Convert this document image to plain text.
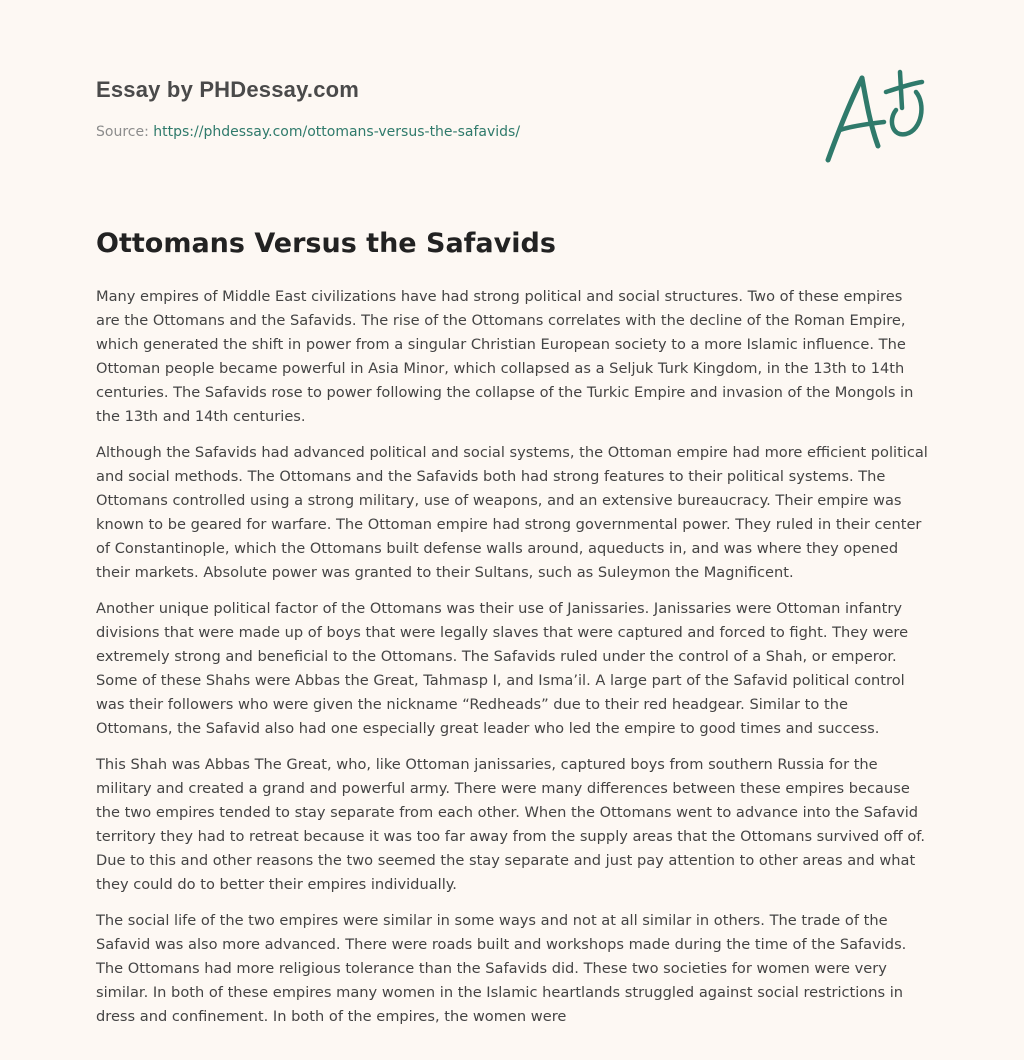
Essay by PHDessay.com
Source: https://phdessay.com/ottomans-versus-the-safavids/
Ottomans Versus the Safavids

Many empires of Middle East civilizations have had strong political and social structures. Two of these empires are the Ottomans and the Safavids. The rise of the Ottomans correlates with the decline of the Roman Empire, which generated the shift in power from a singular Christian European society to a more Islamic influence. The Ottoman people became powerful in Asia Minor, which collapsed as a Seljuk Turk Kingdom, in the 13th to 14th centuries. The Safavids rose to power following the collapse of the Turkic Empire and invasion of the Mongols in the 13th and 14th centuries.

Although the Safavids had advanced political and social systems, the Ottoman empire had more efficient political and social methods. The Ottomans and the Safavids both had strong features to their political systems. The Ottomans controlled using a strong military, use of weapons, and an extensive bureaucracy. Their empire was known to be geared for warfare. The Ottoman empire had strong governmental power. They ruled in their center of Constantinople, which the Ottomans built defense walls around, aqueducts in, and was where they opened their markets. Absolute power was granted to their Sultans, such as Suleymon the Magnificent.

Another unique political factor of the Ottomans was their use of Janissaries. Janissaries were Ottoman infantry divisions that were made up of boys that were legally slaves that were captured and forced to fight. They were extremely strong and beneficial to the Ottomans. The Safavids ruled under the control of a Shah, or emperor. Some of these Shahs were Abbas the Great, Tahmasp I, and Isma’il. A large part of the Safavid political control was their followers who were given the nickname “Redheads” due to their red headgear. Similar to the Ottomans, the Safavid also had one especially great leader who led the empire to good times and success.

This Shah was Abbas The Great, who, like Ottoman janissaries, captured boys from southern Russia for the military and created a grand and powerful army. There were many differences between these empires because the two empires tended to stay separate from each other. When the Ottomans went to advance into the Safavid territory they had to retreat because it was too far away from the supply areas that the Ottomans survived off of. Due to this and other reasons the two seemed the stay separate and just pay attention to other areas and what they could do to better their empires individually.

The social life of the two empires were similar in some ways and not at all similar in others. The trade of the Safavid was also more advanced. There were roads built and workshops made during the time of the Safavids. The Ottomans had more religious tolerance than the Safavids did. These two societies for women were very similar. In both of these empires many women in the Islamic heartlands struggled against social restrictions in dress and confinement. In both of the empires, the women were
